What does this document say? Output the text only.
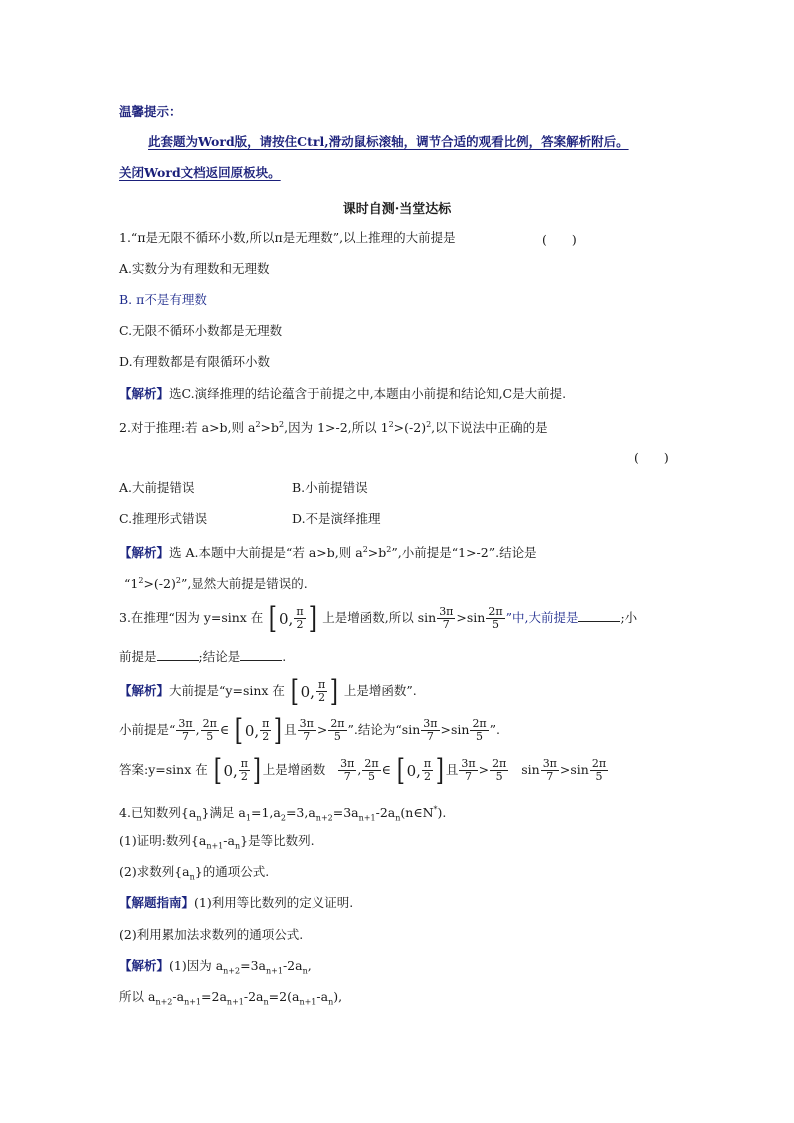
温馨提示：
此套题为Word版，请按住Ctrl,滑动鼠标滚轴，调节合适的观看比例，答案解析附后。
关闭Word文档返回原板块。
课时自测·当堂达标
1.“π是无限不循环小数,所以π是无理数”,以上推理的大前提是	(　　)
A.实数分为有理数和无理数
B. π不是有理数
C.无限不循环小数都是无理数
D.有理数都是有限循环小数
【解析】选C.演绎推理的结论蕴含于前提之中,本题由小前提和结论知,C是大前提.
2.对于推理:若 a>b,则 $a^2>b^2$,因为 1>-2,所以 $1^2>(-2)^2$,以下说法中正确的是
(　　)
A.大前提错误	B.小前提错误
C.推理形式错误	D.不是演绎推理
【解析】选 A.本题中大前提是“若 a>b,则 $a^2>b^2$”,小前提是“1>-2”.结论是
“$1^2>(-2)^2$”,显然大前提是错误的.
3.在推理“因为 y=sinx 在 [ 0, $\frac{\pi}{2}$ ] 上是增函数,所以 $\sin \frac{3\pi}{7} >\sin \frac{2\pi}{5}$ ”中,大前提是	;小
前提是	;结论是	.
【解析】大前提是“y=sinx 在 [ 0, $\frac{\pi}{2}$ ] 上是增函数”.
小前提是“ $\frac{3\pi}{7}$ , $\frac{2\pi}{5}$ ∈ [ 0, $\frac{\pi}{2}$ ] 且 $\frac{3\pi}{7} > \frac{2\pi}{5}$ ”.结论为“$\sin \frac{3\pi}{7} >\sin \frac{2\pi}{5}$ ”.
答案:y=sinx 在 [ 0, $\frac{\pi}{2}$ ] 上是增函数 $\frac{3\pi}{7}$ , $\frac{2\pi}{5}$ ∈ [ 0, $\frac{\pi}{2}$ ] 且 $\frac{3\pi}{7} > \frac{2\pi}{5}$ $\sin \frac{3\pi}{7} >\sin \frac{2\pi}{5}$
4.已知数列$\{a_n\}$满足 $a_1=1,a_2=3,a_{n+2}=3a_{n+1}-2a_n(n\in N^*)$.
(1)证明:数列$\{a_{n+1}-a_n\}$是等比数列.
(2)求数列$\{a_n\}$的通项公式.
【解题指南】(1)利用等比数列的定义证明.
(2)利用累加法求数列的通项公式.
【解析】(1)因为 $a_{n+2}=3a_{n+1}-2a_n$,
所以 $a_{n+2}-a_{n+1}=2a_{n+1}-2a_n=2(a_{n+1}-a_n)$,
